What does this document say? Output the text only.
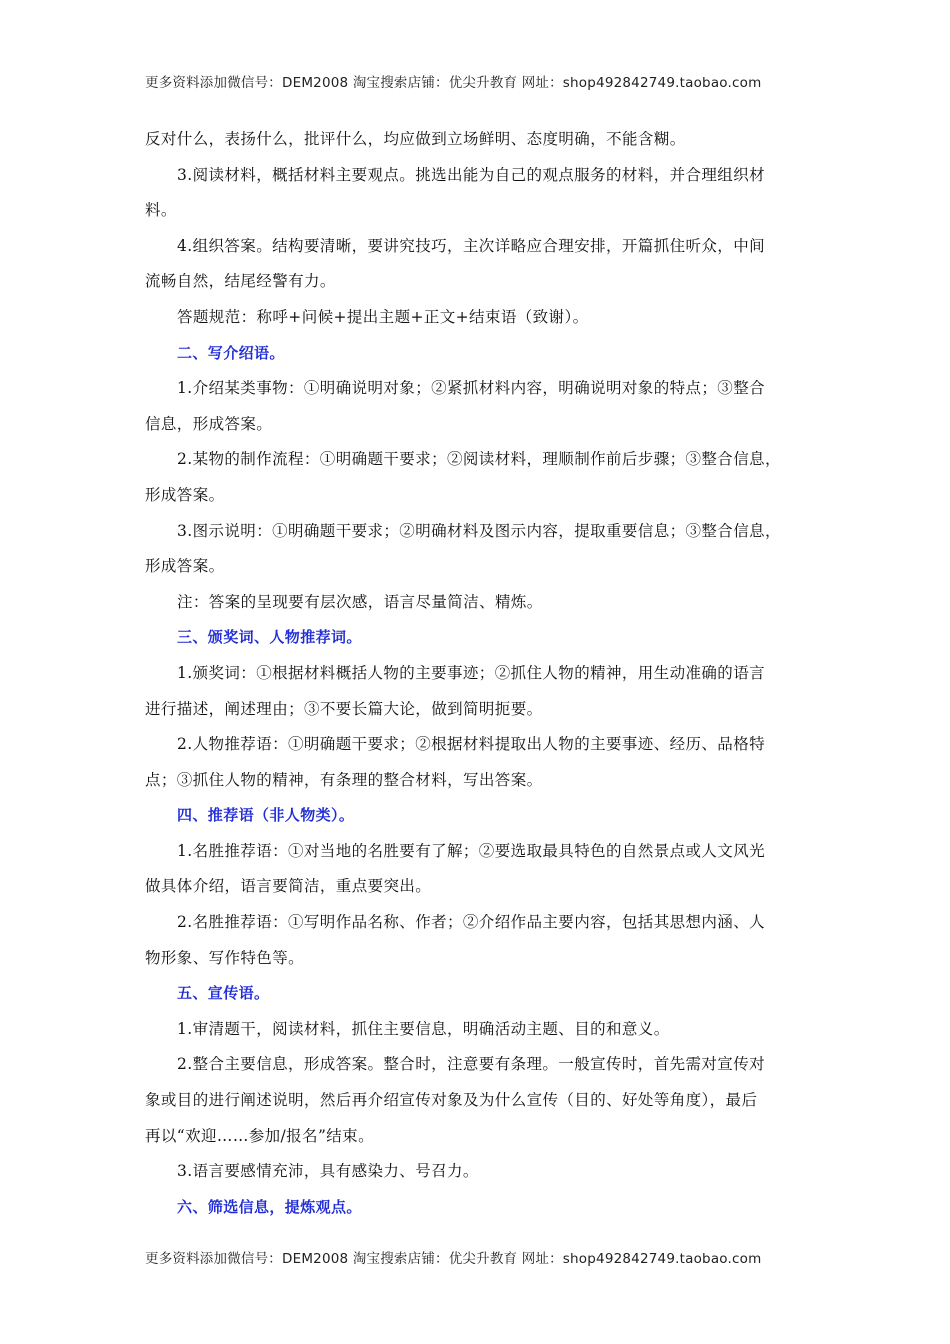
更多资料添加微信号：DEM2008 淘宝搜索店铺：优尖升教育 网址：shop492842749.taobao.com
反对什么，表扬什么，批评什么，均应做到立场鲜明、态度明确，不能含糊。
3.阅读材料，概括材料主要观点。挑选出能为自己的观点服务的材料，并合理组织材
料。
4.组织答案。结构要清晰，要讲究技巧，主次详略应合理安排，开篇抓住听众，中间
流畅自然，结尾经警有力。
答题规范：称呼+问候+提出主题+正文+结束语（致谢）。
二、写介绍语。
1.介绍某类事物：①明确说明对象；②紧抓材料内容，明确说明对象的特点；③整合
信息，形成答案。
2.某物的制作流程：①明确题干要求；②阅读材料，理顺制作前后步骤；③整合信息，
形成答案。
3.图示说明：①明确题干要求；②明确材料及图示内容，提取重要信息；③整合信息，
形成答案。
注：答案的呈现要有层次感，语言尽量简洁、精炼。
三、颁奖词、人物推荐词。
1.颁奖词：①根据材料概括人物的主要事迹；②抓住人物的精神，用生动准确的语言
进行描述，阐述理由；③不要长篇大论，做到简明扼要。
2.人物推荐语：①明确题干要求；②根据材料提取出人物的主要事迹、经历、品格特
点；③抓住人物的精神，有条理的整合材料，写出答案。
四、推荐语（非人物类）。
1.名胜推荐语：①对当地的名胜要有了解；②要选取最具特色的自然景点或人文风光
做具体介绍，语言要简洁，重点要突出。
2.名胜推荐语：①写明作品名称、作者；②介绍作品主要内容，包括其思想内涵、人
物形象、写作特色等。
五、宣传语。
1.审清题干，阅读材料，抓住主要信息，明确活动主题、目的和意义。
2.整合主要信息，形成答案。整合时，注意要有条理。一般宣传时，首先需对宣传对
象或目的进行阐述说明，然后再介绍宣传对象及为什么宣传（目的、好处等角度），最后
再以“欢迎……参加/报名”结束。
3.语言要感情充沛，具有感染力、号召力。
六、筛选信息，提炼观点。
更多资料添加微信号：DEM2008 淘宝搜索店铺：优尖升教育 网址：shop492842749.taobao.com
